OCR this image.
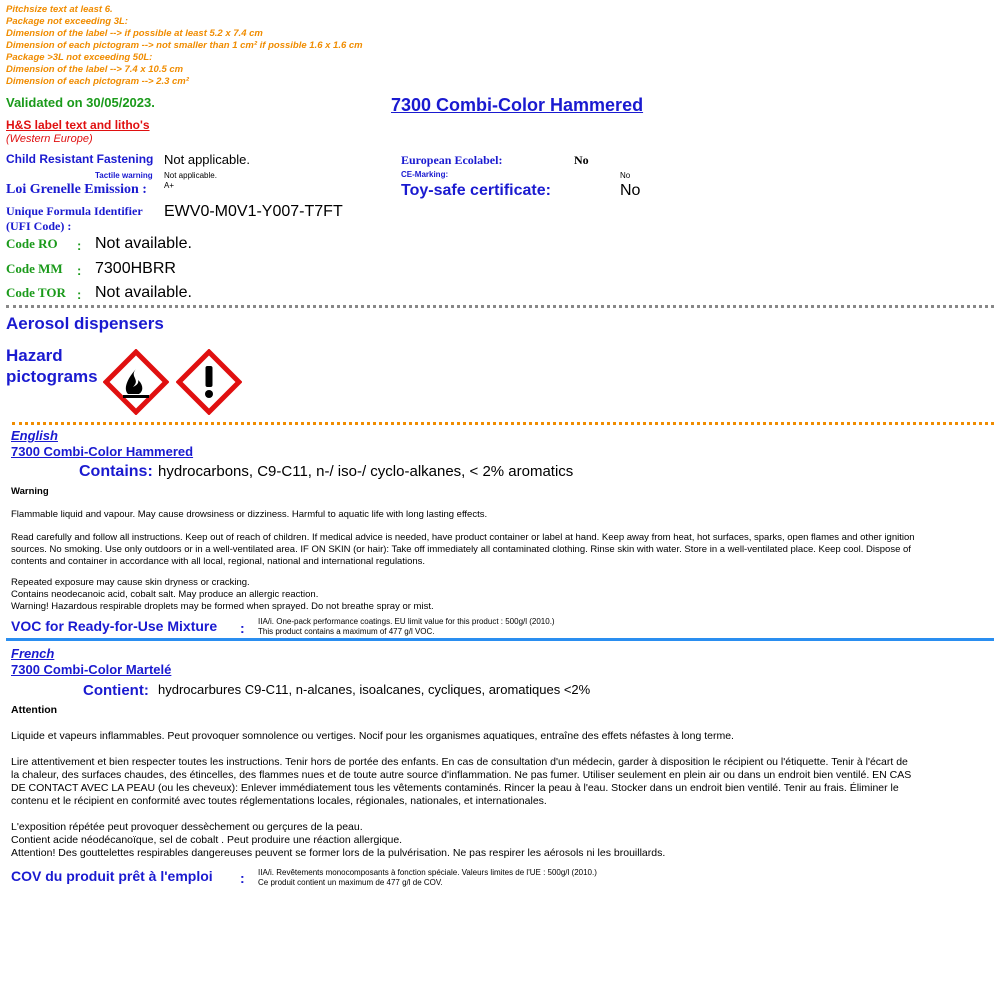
Pitchsize text at least 6.
Package not exceeding 3L:
Dimension of the label --> if possible at least 5.2 x 7.4 cm
Dimension of each pictogram --> not smaller than 1 cm² if possible 1.6 x 1.6 cm
Package >3L not exceeding 50L:
Dimension of the label --> 7.4 x 10.5 cm
Dimension of each pictogram --> 2.3 cm²
Validated on 30/05/2023.	7300 Combi-Color Hammered
H&S label text and litho's
(Western Europe)
Child Resistant Fastening Not applicable.
Tactile warning Not applicable.
Loi Grenelle Emission : A+
Unique Formula Identifier
(UFI Code) :
EWV0-M0V1-Y007-T7FT
European Ecolabel:	No
CE-Marking:	No
Toy-safe certificate:	No
Code RO : Not available.
Code MM : 7300HBRR
Code TOR : Not available.
Aerosol dispensers
Hazard
pictograms
English
7300 Combi-Color Hammered
Contains: hydrocarbons, C9-C11, n-/ iso-/ cyclo-alkanes, < 2% aromatics
Warning
Flammable liquid and vapour. May cause drowsiness or dizziness. Harmful to aquatic life with long lasting effects.
Read carefully and follow all instructions. Keep out of reach of children. If medical advice is needed, have product container or label at hand. Keep away from heat, hot surfaces, sparks, open flames and other ignition
sources. No smoking. Use only outdoors or in a well-ventilated area. IF ON SKIN (or hair): Take off immediately all contaminated clothing. Rinse skin with water. Store in a well-ventilated place. Keep cool. Dispose of
contents and container in accordance with all local, regional, national and international regulations.
Repeated exposure may cause skin dryness or cracking.
Contains neodecanoic acid, cobalt salt. May produce an allergic reaction.
Warning! Hazardous respirable droplets may be formed when sprayed. Do not breathe spray or mist.
VOC for Ready-for-Use Mixture : IIA/i. One-pack performance coatings. EU limit value for this product : 500g/l (2010.)
This product contains a maximum of 477 g/l VOC.
French
7300 Combi-Color Martelé
Contient: hydrocarbures C9-C11, n-alcanes, isoalcanes, cycliques, aromatiques <2%
Attention
Liquide et vapeurs inflammables. Peut provoquer somnolence ou vertiges. Nocif pour les organismes aquatiques, entraîne des effets néfastes à long terme.
Lire attentivement et bien respecter toutes les instructions. Tenir hors de portée des enfants. En cas de consultation d'un médecin, garder à disposition le récipient ou l'étiquette. Tenir à l'écart de
la chaleur, des surfaces chaudes, des étincelles, des flammes nues et de toute autre source d'inflammation. Ne pas fumer. Utiliser seulement en plein air ou dans un endroit bien ventilé. EN CAS
DE CONTACT AVEC LA PEAU (ou les cheveux): Enlever immédiatement tous les vêtements contaminés. Rincer la peau à l'eau. Stocker dans un endroit bien ventilé. Tenir au frais. Éliminer le
contenu et le récipient en conformité avec toutes réglementations locales, régionales, nationales, et internationales.
L'exposition répétée peut provoquer dessèchement ou gerçures de la peau.
Contient acide néodécanoïque, sel de cobalt . Peut produire une réaction allergique.
Attention! Des gouttelettes respirables dangereuses peuvent se former lors de la pulvérisation. Ne pas respirer les aérosols ni les brouillards.
COV du produit prêt à l'emploi : IIA/i. Revêtements monocomposants à fonction spéciale. Valeurs limites de l'UE : 500g/l (2010.)
Ce produit contient un maximum de 477 g/l de COV.
